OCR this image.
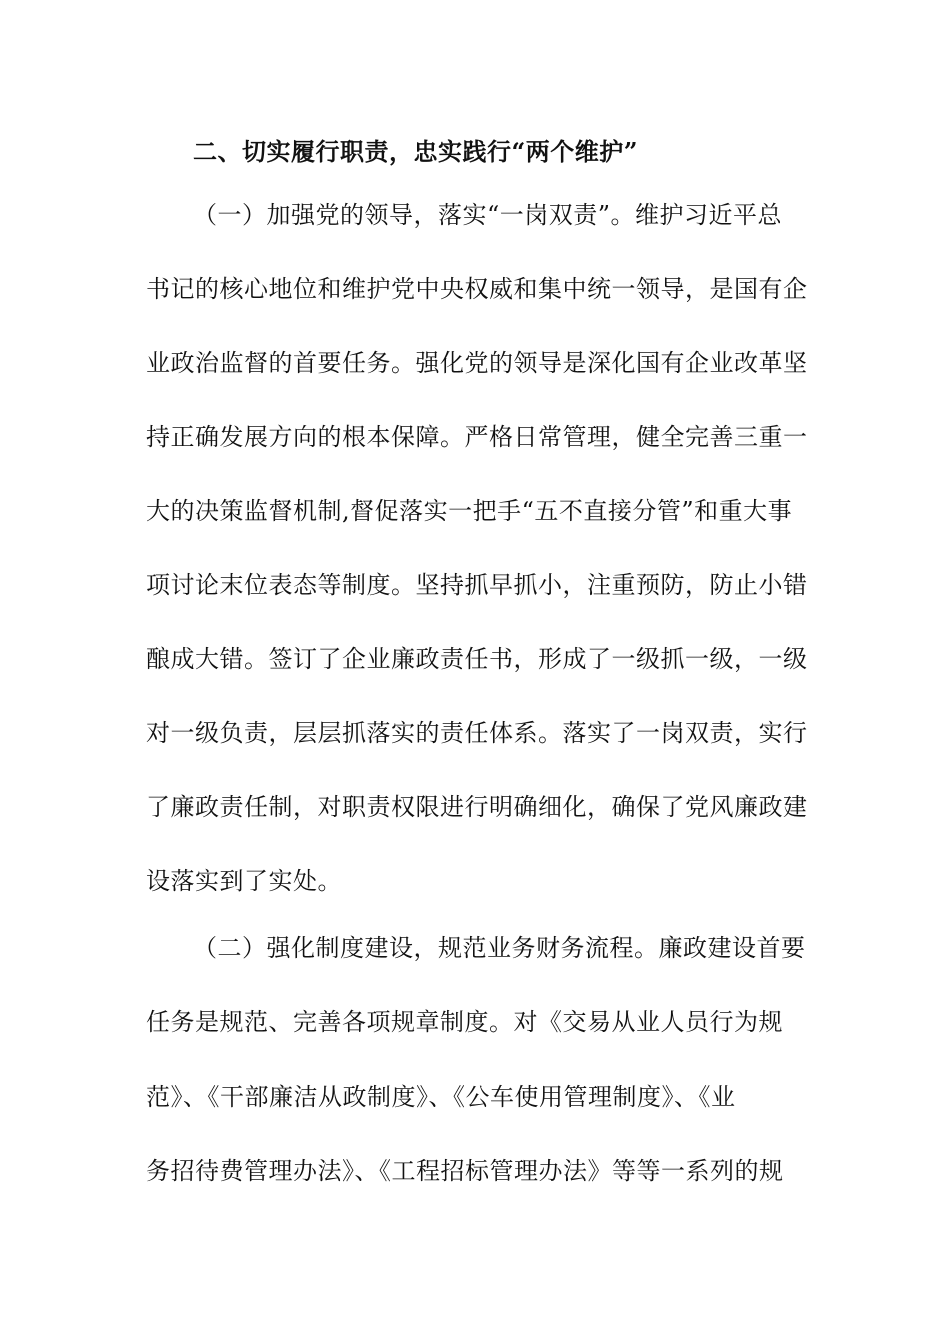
二、切实履行职责，忠实践行“两个维护”
（一）加强党的领导，落实“一岗双责”。维护习近平总
书记的核心地位和维护党中央权威和集中统一领导，是国有企
业政治监督的首要任务。强化党的领导是深化国有企业改革坚
持正确发展方向的根本保障。严格日常管理，健全完善三重一
大的决策监督机制,督促落实一把手“五不直接分管”和重大事
项讨论末位表态等制度。坚持抓早抓小，注重预防，防止小错
酿成大错。签订了企业廉政责任书，形成了一级抓一级，一级
对一级负责，层层抓落实的责任体系。落实了一岗双责，实行
了廉政责任制，对职责权限进行明确细化，确保了党风廉政建
设落实到了实处。
（二）强化制度建设，规范业务财务流程。廉政建设首要
任务是规范、完善各项规章制度。对《交易从业人员行为规
范》、《干部廉洁从政制度》、《公车使用管理制度》、《业
务招待费管理办法》、《工程招标管理办法》等等一系列的规
